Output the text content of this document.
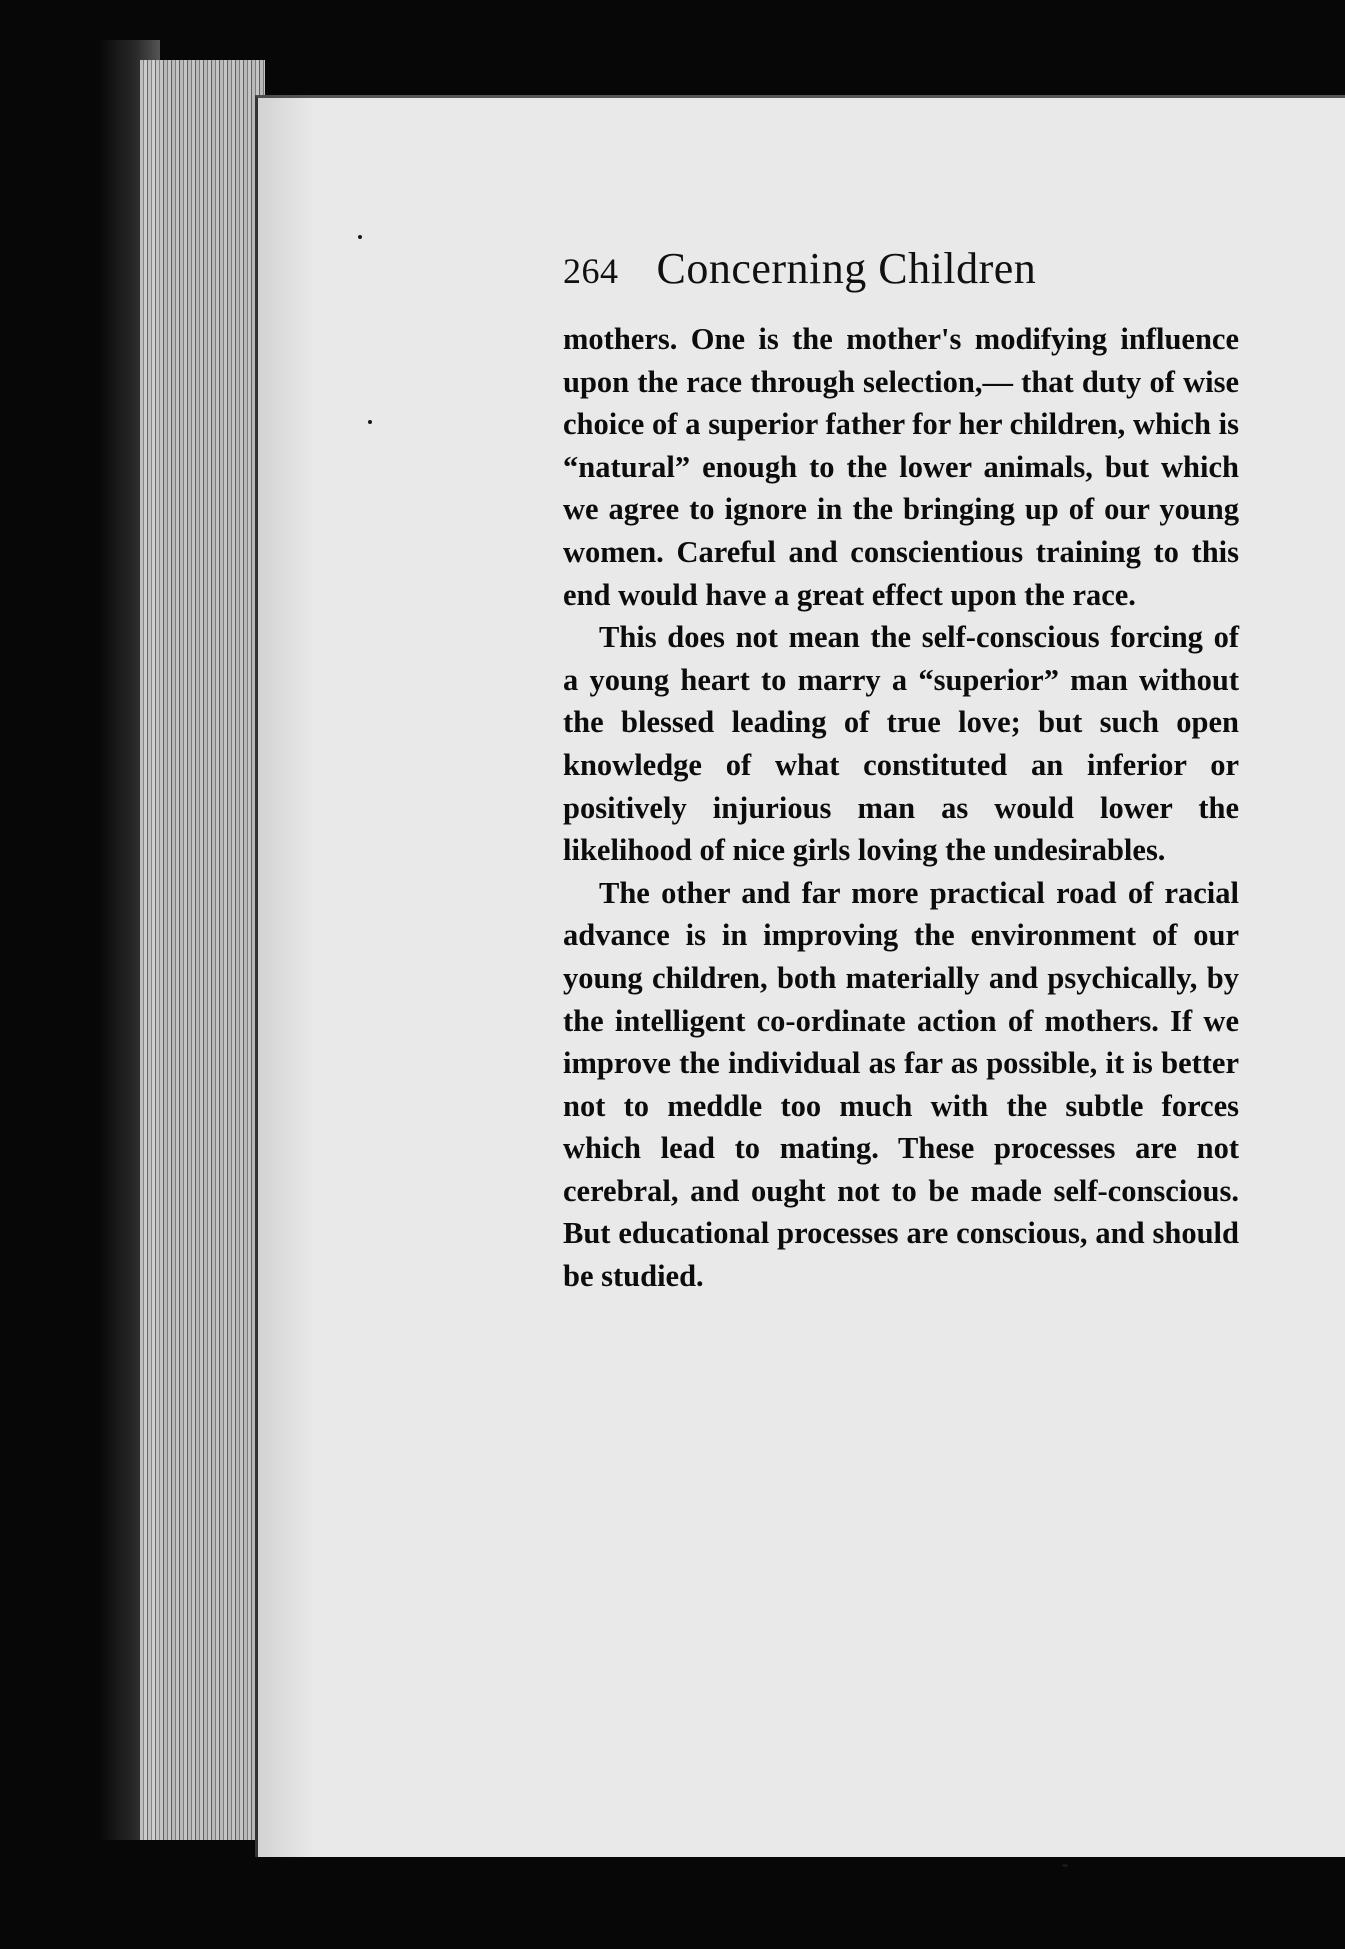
264 Concerning Children

mothers. One is the mother's modifying influence upon the race through selection,— that duty of wise choice of a superior father for her children, which is “natural” enough to the lower animals, but which we agree to ignore in the bringing up of our young women. Careful and conscientious training to this end would have a great effect upon the race.

This does not mean the self-conscious forcing of a young heart to marry a “superior” man without the blessed leading of true love; but such open knowledge of what constituted an inferior or positively injurious man as would lower the likelihood of nice girls loving the undesirables.

The other and far more practical road of racial advance is in improving the environment of our young children, both materially and psychically, by the intelligent co-ordinate action of mothers. If we improve the individual as far as possible, it is better not to meddle too much with the subtle forces which lead to mating. These processes are not cerebral, and ought not to be made self-conscious. But educational processes are conscious, and should be studied.
